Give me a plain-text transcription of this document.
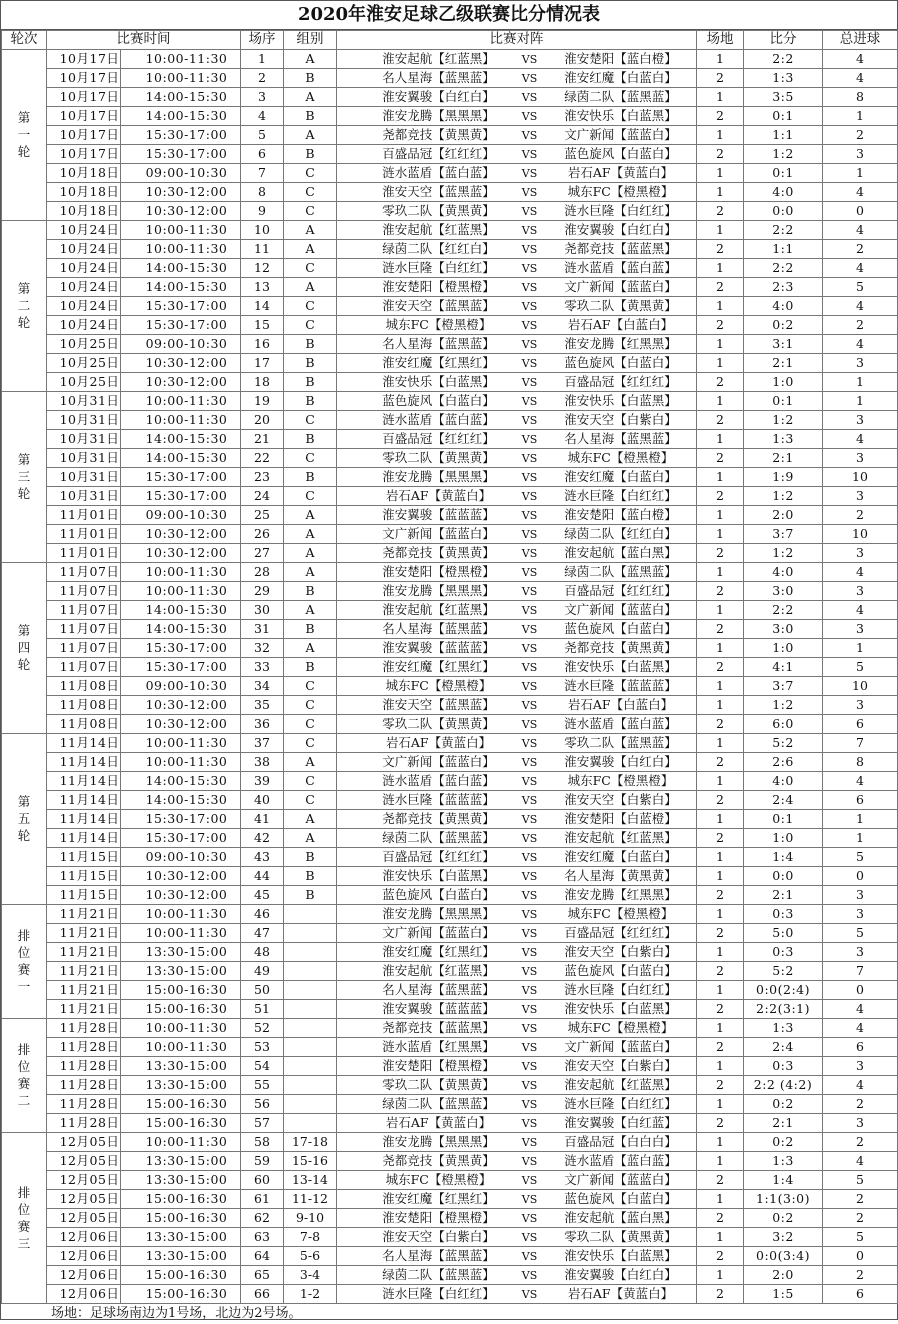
2020年淮安足球乙级联赛比分情况表
轮次	比赛时间		场序	组别	比赛对阵	场地	比分	总进球

第
一
轮	10月17日	10:00-11:30	1	A	淮安起航【红蓝黑】 VS 淮安楚阳【蓝白橙】	1	2:2	4
	10月17日	10:00-11:30	2	B	名人星海【蓝黑蓝】 VS 淮安红魔【白蓝白】	2	1:3	4
	10月17日	14:00-15:30	3	A	淮安翼骏【白红白】 VS 绿茵二队【蓝黑蓝】	1	3:5	8
	10月17日	14:00-15:30	4	B	淮安龙腾【黑黑黑】 VS 淮安快乐【白蓝黑】	2	0:1	1
	10月17日	15:30-17:00	5	A	尧都竞技【黄黑黄】 VS 文广新闻【蓝蓝白】	1	1:1	2
	10月17日	15:30-17:00	6	B	百盛品冠【红红红】 VS 蓝色旋风【白蓝白】	2	1:2	3
	10月18日	09:00-10:30	7	C	涟水蓝盾【蓝白蓝】 VS 岩石AF【黄蓝白】	1	0:1	1
	10月18日	10:30-12:00	8	C	淮安天空【蓝黑蓝】 VS 城东FC【橙黑橙】	1	4:0	4
	10月18日	10:30-12:00	9	C	零玖二队【黄黑黄】 VS 涟水巨隆【白红红】	2	0:0	0

第
二
轮	10月24日	10:00-11:30	10	A	淮安起航【红蓝黑】 VS 淮安翼骏【白红白】	1	2:2	4
	10月24日	10:00-11:30	11	A	绿茵二队【红红白】 VS 尧都竞技【蓝蓝黑】	2	1:1	2
	10月24日	14:00-15:30	12	C	涟水巨隆【白红红】 VS 涟水蓝盾【蓝白蓝】	1	2:2	4
	10月24日	14:00-15:30	13	A	淮安楚阳【橙黑橙】 VS 文广新闻【蓝蓝白】	2	2:3	5
	10月24日	15:30-17:00	14	C	淮安天空【蓝黑蓝】 VS 零玖二队【黄黑黄】	1	4:0	4
	10月24日	15:30-17:00	15	C	城东FC【橙黑橙】 VS 岩石AF【白蓝白】	2	0:2	2
	10月25日	09:00-10:30	16	B	名人星海【蓝黑蓝】 VS 淮安龙腾【红黑黑】	1	3:1	4
	10月25日	10:30-12:00	17	B	淮安红魔【红黑红】 VS 蓝色旋风【白蓝白】	1	2:1	3
	10月25日	10:30-12:00	18	B	淮安快乐【白蓝黑】 VS 百盛品冠【红红红】	2	1:0	1

第
三
轮	10月31日	10:00-11:30	19	B	蓝色旋风【白蓝白】 VS 淮安快乐【白蓝黑】	1	0:1	1
	10月31日	10:00-11:30	20	C	涟水蓝盾【蓝白蓝】 VS 淮安天空【白紫白】	2	1:2	3
	10月31日	14:00-15:30	21	B	百盛品冠【红红红】 VS 名人星海【蓝黑蓝】	1	1:3	4
	10月31日	14:00-15:30	22	C	零玖二队【黄黑黄】 VS 城东FC【橙黑橙】	2	2:1	3
	10月31日	15:30-17:00	23	B	淮安龙腾【黑黑黑】 VS 淮安红魔【白蓝白】	1	1:9	10
	10月31日	15:30-17:00	24	C	岩石AF【黄蓝白】 VS 涟水巨隆【白红红】	2	1:2	3
	11月01日	09:00-10:30	25	A	淮安翼骏【蓝蓝蓝】 VS 淮安楚阳【蓝白橙】	1	2:0	2
	11月01日	10:30-12:00	26	A	文广新闻【蓝蓝白】 VS 绿茵二队【红红白】	1	3:7	10
	11月01日	10:30-12:00	27	A	尧都竞技【黄黑黄】 VS 淮安起航【蓝白黑】	2	1:2	3

第
四
轮	11月07日	10:00-11:30	28	A	淮安楚阳【橙黑橙】 VS 绿茵二队【蓝黑蓝】	1	4:0	4
	11月07日	10:00-11:30	29	B	淮安龙腾【黑黑黑】 VS 百盛品冠【红红红】	2	3:0	3
	11月07日	14:00-15:30	30	A	淮安起航【红蓝黑】 VS 文广新闻【蓝蓝白】	1	2:2	4
	11月07日	14:00-15:30	31	B	名人星海【蓝黑蓝】 VS 蓝色旋风【白蓝白】	2	3:0	3
	11月07日	15:30-17:00	32	A	淮安翼骏【蓝蓝蓝】 VS 尧都竞技【黄黑黄】	1	1:0	1
	11月07日	15:30-17:00	33	B	淮安红魔【红黑红】 VS 淮安快乐【白蓝黑】	2	4:1	5
	11月08日	09:00-10:30	34	C	城东FC【橙黑橙】 VS 涟水巨隆【蓝蓝蓝】	1	3:7	10
	11月08日	10:30-12:00	35	C	淮安天空【蓝黑蓝】 VS 岩石AF【白蓝白】	1	1:2	3
	11月08日	10:30-12:00	36	C	零玖二队【黄黑黄】 VS 涟水蓝盾【蓝白蓝】	2	6:0	6

第
五
轮	11月14日	10:00-11:30	37	C	岩石AF【黄蓝白】 VS 零玖二队【蓝黑蓝】	1	5:2	7
	11月14日	10:00-11:30	38	A	文广新闻【蓝蓝白】 VS 淮安翼骏【白红白】	2	2:6	8
	11月14日	14:00-15:30	39	C	涟水蓝盾【蓝白蓝】 VS 城东FC【橙黑橙】	1	4:0	4
	11月14日	14:00-15:30	40	C	涟水巨隆【蓝蓝蓝】 VS 淮安天空【白紫白】	2	2:4	6
	11月14日	15:30-17:00	41	A	尧都竞技【黄黑黄】 VS 淮安楚阳【白蓝橙】	1	0:1	1
	11月14日	15:30-17:00	42	A	绿茵二队【蓝黑蓝】 VS 淮安起航【红蓝黑】	2	1:0	1
	11月15日	09:00-10:30	43	B	百盛品冠【红红红】 VS 淮安红魔【白蓝白】	1	1:4	5
	11月15日	10:30-12:00	44	B	淮安快乐【白蓝黑】 VS 名人星海【黄黑黄】	1	0:0	0
	11月15日	10:30-12:00	45	B	蓝色旋风【白蓝白】 VS 淮安龙腾【红黑黑】	2	2:1	3

排
位
赛
一	11月21日	10:00-11:30	46		淮安龙腾【黑黑黑】 VS 城东FC【橙黑橙】	1	0:3	3
	11月21日	10:00-11:30	47		文广新闻【蓝蓝白】 VS 百盛品冠【红红红】	2	5:0	5
	11月21日	13:30-15:00	48		淮安红魔【红黑红】 VS 淮安天空【白紫白】	1	0:3	3
	11月21日	13:30-15:00	49		淮安起航【红蓝黑】 VS 蓝色旋风【白蓝白】	2	5:2	7
	11月21日	15:00-16:30	50		名人星海【蓝黑蓝】 VS 涟水巨隆【白红红】	1	0:0(2:4)	0
	11月21日	15:00-16:30	51		淮安翼骏【蓝蓝蓝】 VS 淮安快乐【白蓝黑】	2	2:2(3:1)	4

排
位
赛
二	11月28日	10:00-11:30	52		尧都竞技【蓝蓝黑】 VS 城东FC【橙黑橙】	1	1:3	4
	11月28日	10:00-11:30	53		涟水蓝盾【红黑黑】 VS 文广新闻【蓝蓝白】	2	2:4	6
	11月28日	13:30-15:00	54		淮安楚阳【橙黑橙】 VS 淮安天空【白紫白】	1	0:3	3
	11月28日	13:30-15:00	55		零玖二队【黄黑黄】 VS 淮安起航【红蓝黑】	2	2:2 (4:2)	4
	11月28日	15:00-16:30	56		绿茵二队【蓝黑蓝】 VS 涟水巨隆【白红红】	1	0:2	2
	11月28日	15:00-16:30	57		岩石AF【黄蓝白】 VS 淮安翼骏【白红蓝】	2	2:1	3

排
位
赛
三	12月05日	10:00-11:30	58	17-18	淮安龙腾【黑黑黑】 VS 百盛品冠【白白白】	1	0:2	2
	12月05日	13:30-15:00	59	15-16	尧都竞技【黄黑黄】 VS 涟水蓝盾【蓝白蓝】	1	1:3	4
	12月05日	13:30-15:00	60	13-14	城东FC【橙黑橙】 VS 文广新闻【蓝蓝白】	2	1:4	5
	12月05日	15:00-16:30	61	11-12	淮安红魔【红黑红】 VS 蓝色旋风【白蓝白】	1	1:1(3:0)	2
	12月05日	15:00-16:30	62	9-10	淮安楚阳【橙黑橙】 VS 淮安起航【蓝白黑】	2	0:2	2
	12月06日	13:30-15:00	63	7-8	淮安天空【白紫白】 VS 零玖二队【黄黑黄】	1	3:2	5
	12月06日	13:30-15:00	64	5-6	名人星海【蓝黑蓝】 VS 淮安快乐【白蓝黑】	2	0:0(3:4)	0
	12月06日	15:00-16:30	65	3-4	绿茵二队【蓝黑蓝】 VS 淮安翼骏【白红白】	1	2:0	2
	12月06日	15:00-16:30	66	1-2	涟水巨隆【白红红】 VS 岩石AF【黄蓝白】	2	1:5	6
场地：足球场南边为1号场，北边为2号场。
